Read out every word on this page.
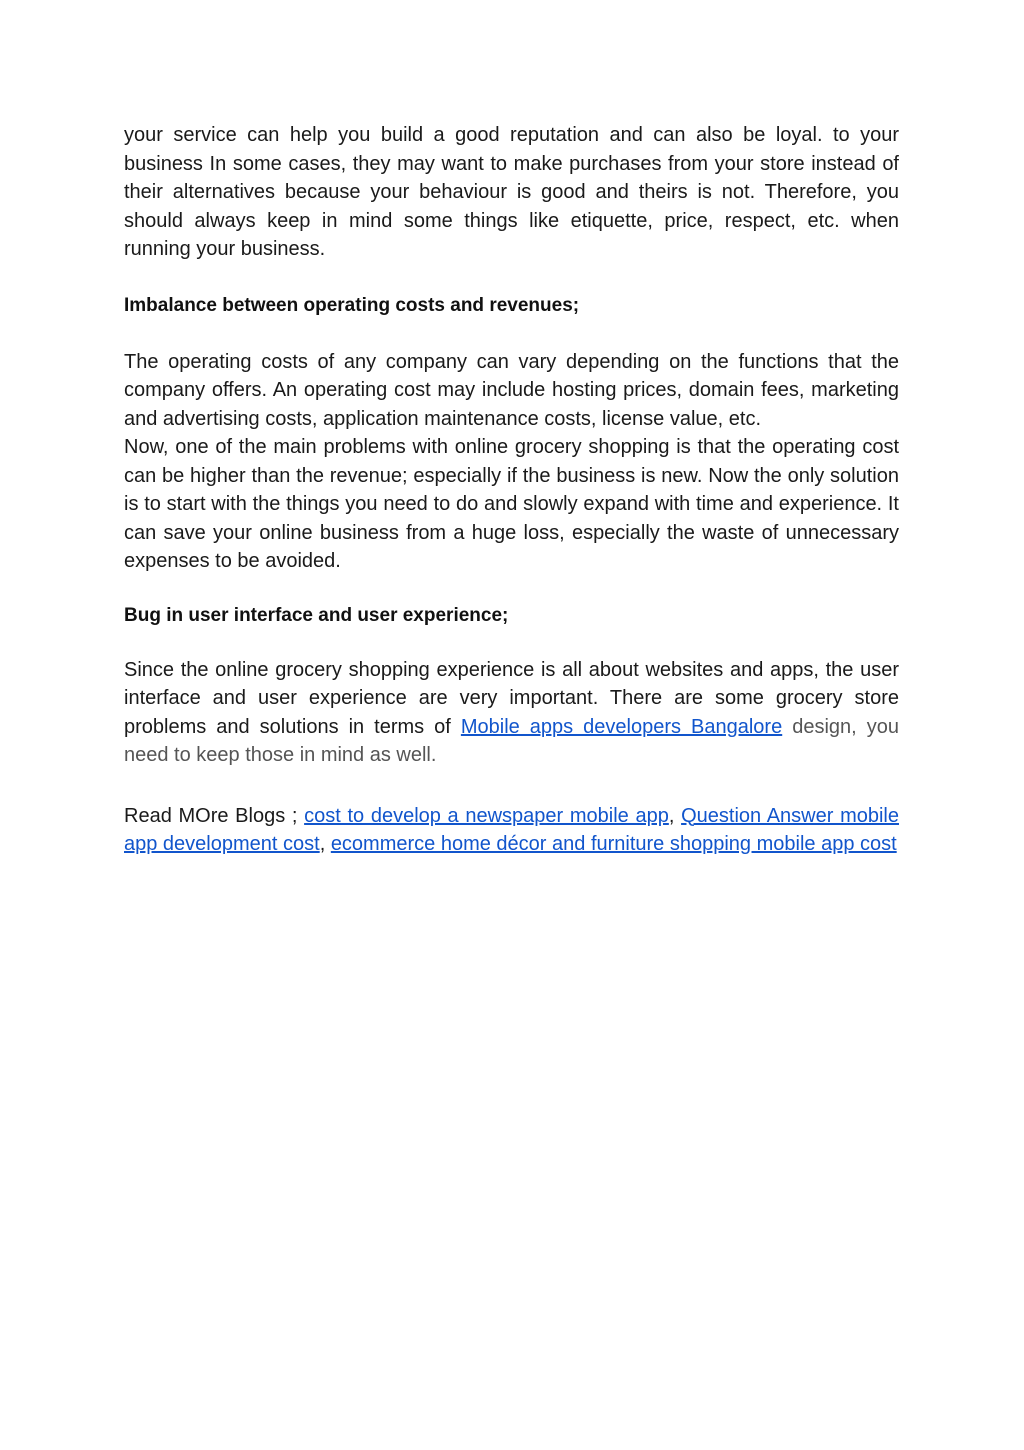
your service can help you build a good reputation and can also be loyal. to your business In some cases, they may want to make purchases from your store instead of their alternatives because your behaviour is good and theirs is not. Therefore, you should always keep in mind some things like etiquette, price, respect, etc. when running your business.

Imbalance between operating costs and revenues;

The operating costs of any company can vary depending on the functions that the company offers. An operating cost may include hosting prices, domain fees, marketing and advertising costs, application maintenance costs, license value, etc.

Now, one of the main problems with online grocery shopping is that the operating cost can be higher than the revenue; especially if the business is new. Now the only solution is to start with the things you need to do and slowly expand with time and experience. It can save your online business from a huge loss, especially the waste of unnecessary expenses to be avoided.

Bug in user interface and user experience;

Since the online grocery shopping experience is all about websites and apps, the user interface and user experience are very important. There are some grocery store problems and solutions in terms of Mobile apps developers Bangalore design, you need to keep those in mind as well.

Read MOre Blogs ; cost to develop a newspaper mobile app, Question Answer mobile app development cost, ecommerce home décor and furniture shopping mobile app cost
